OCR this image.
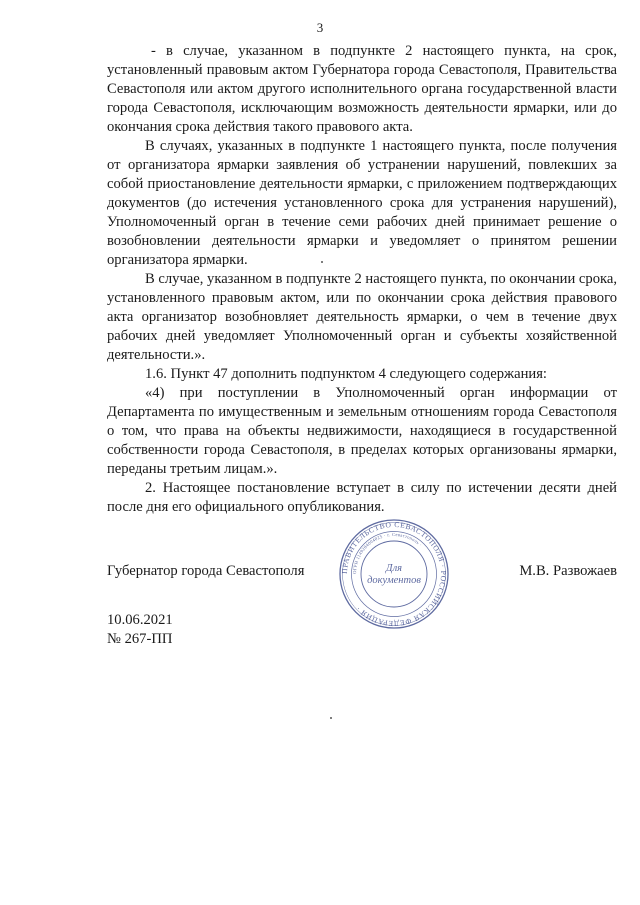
3

- в случае, указанном в подпункте 2 настоящего пункта, на срок, установленный правовым актом Губернатора города Севастополя, Правительства Севастополя или актом другого исполнительного органа государственной власти города Севастополя, исключающим возможность деятельности ярмарки, или до окончания срока действия такого правового акта.

В случаях, указанных в подпункте 1 настоящего пункта, после получения от организатора ярмарки заявления об устранении нарушений, повлекших за собой приостановление деятельности ярмарки, с приложением подтверждающих документов (до истечения установленного срока для устранения нарушений), Уполномоченный орган в течение семи рабочих дней принимает решение о возобновлении деятельности ярмарки и уведомляет о принятом решении организатора ярмарки.

В случае, указанном в подпункте 2 настоящего пункта, по окончании срока, установленного правовым актом, или по окончании срока действия правового акта организатор возобновляет деятельность ярмарки, о чем в течение двух рабочих дней уведомляет Уполномоченный орган и субъекты хозяйственной деятельности.».

1.6. Пункт 47 дополнить подпунктом 4 следующего содержания:

«4) при поступлении в Уполномоченный орган информации от Департамента по имущественным и земельным отношениям города Севастополя о том, что права на объекты недвижимости, находящиеся в государственной собственности города Севастополя, в пределах которых организованы ярмарки, переданы третьим лицам.».

2. Настоящее постановление вступает в силу по истечении десяти дней после дня его официального опубликования.

Губернатор города Севастополя	М.В. Развожаев
ПРАВИТЕЛЬСТВО СЕВАСТОПОЛЯ · РОССИЙСКАЯ ФЕДЕРАЦИЯ ·
ОГРН 1149204004025 · г. Севастополь ·
Для
документов
10.06.2021
№ 267-ПП
